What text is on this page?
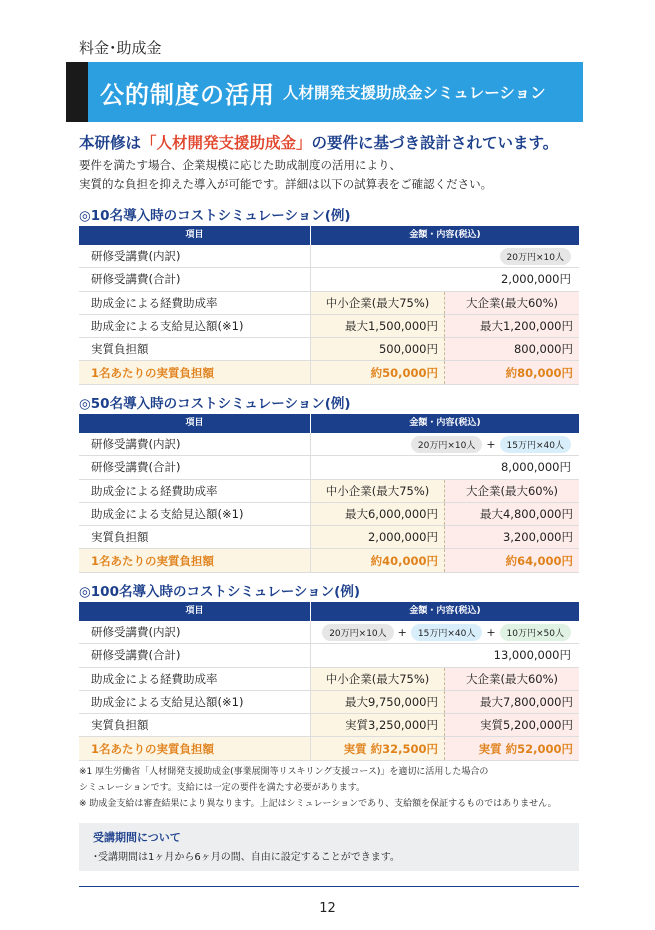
料金･助成金
公的制度の活用 人材開発支援助成金シミュレーション
本研修は「人材開発支援助成金」の要件に基づき設計されています。
要件を満たす場合、企業規模に応じた助成制度の活用により、
実質的な負担を抑えた導入が可能です。詳細は以下の試算表をご確認ください。
◎10名導入時のコストシミュレーション(例)
項目	金額・内容(税込)
研修受講費(内訳)	20万円×10人
研修受講費(合計)	2,000,000円
助成金による経費助成率	中小企業(最大75%)	大企業(最大60%)
助成金による支給見込額(※1)	最大1,500,000円	最大1,200,000円
実質負担額	500,000円	800,000円
1名あたりの実質負担額	約50,000円	約80,000円
◎50名導入時のコストシミュレーション(例)
項目	金額・内容(税込)
研修受講費(内訳)	20万円×10人	+	15万円×40人
研修受講費(合計)	8,000,000円
助成金による経費助成率	中小企業(最大75%)	大企業(最大60%)
助成金による支給見込額(※1)	最大6,000,000円	最大4,800,000円
実質負担額	2,000,000円	3,200,000円
1名あたりの実質負担額	約40,000円	約64,000円
◎100名導入時のコストシミュレーション(例)
項目	金額・内容(税込)
研修受講費(内訳)	20万円×10人	+	15万円×40人	+	10万円×50人
研修受講費(合計)	13,000,000円
助成金による経費助成率	中小企業(最大75%)	大企業(最大60%)
助成金による支給見込額(※1)	最大9,750,000円	最大7,800,000円
実質負担額	実質3,250,000円	実質5,200,000円
1名あたりの実質負担額	実質 約32,500円	実質 約52,000円
※1 厚生労働省「人材開発支援助成金(事業展開等リスキリング支援コース)」を適切に活用した場合の
シミュレーションです。支給には一定の要件を満たす必要があります。
※ 助成金支給は審査結果により異なります。上記はシミュレーションであり、支給額を保証するものではありません。
受講期間について
･受講期間は1ヶ月から6ヶ月の間、自由に設定することができます。
12
